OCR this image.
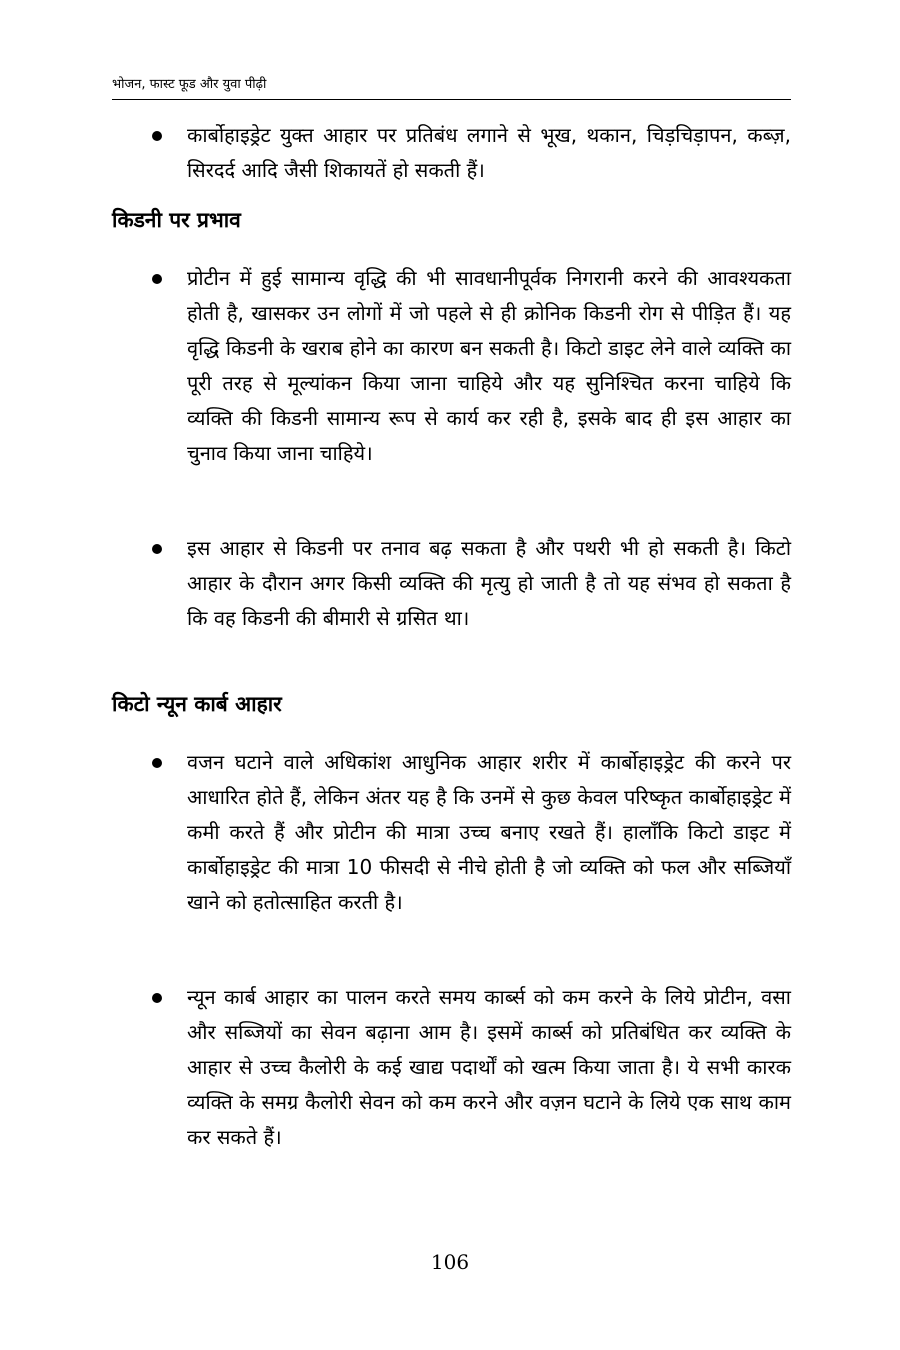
भोजन, फास्ट फूड और युवा पीढ़ी
कार्बोहाइड्रेट युक्त आहार पर प्रतिबंध लगाने से भूख, थकान, चिड़चिड़ापन, कब्ज़, सिरदर्द आदि जैसी शिकायतें हो सकती हैं।
किडनी पर प्रभाव
प्रोटीन में हुई सामान्य वृद्धि की भी सावधानीपूर्वक निगरानी करने की आवश्यकता होती है, खासकर उन लोगों में जो पहले से ही क्रोनिक किडनी रोग से पीड़ित हैं। यह वृद्धि किडनी के खराब होने का कारण बन सकती है। किटो डाइट लेने वाले व्यक्ति का पूरी तरह से मूल्यांकन किया जाना चाहिये और यह सुनिश्चित करना चाहिये कि व्यक्ति की किडनी सामान्य रूप से कार्य कर रही है, इसके बाद ही इस आहार का चुनाव किया जाना चाहिये।
इस आहार से किडनी पर तनाव बढ़ सकता है और पथरी भी हो सकती है। किटो आहार के दौरान अगर किसी व्यक्ति की मृत्यु हो जाती है तो यह संभव हो सकता है कि वह किडनी की बीमारी से ग्रसित था।
किटो न्यून कार्ब आहार
वजन घटाने वाले अधिकांश आधुनिक आहार शरीर में कार्बोहाइड्रेट की करने पर आधारित होते हैं, लेकिन अंतर यह है कि उनमें से कुछ केवल परिष्कृत कार्बोहाइड्रेट में कमी करते हैं और प्रोटीन की मात्रा उच्च बनाए रखते हैं। हालाँकि किटो डाइट में कार्बोहाइड्रेट की मात्रा 10 फीसदी से नीचे होती है जो व्यक्ति को फल और सब्जियाँ खाने को हतोत्साहित करती है।
न्यून कार्ब आहार का पालन करते समय कार्ब्स को कम करने के लिये प्रोटीन, वसा और सब्जियों का सेवन बढ़ाना आम है। इसमें कार्ब्स को प्रतिबंधित कर व्यक्ति के आहार से उच्च कैलोरी के कई खाद्य पदार्थों को खत्म किया जाता है। ये सभी कारक व्यक्ति के समग्र कैलोरी सेवन को कम करने और वज़न घटाने के लिये एक साथ काम कर सकते हैं।
106
